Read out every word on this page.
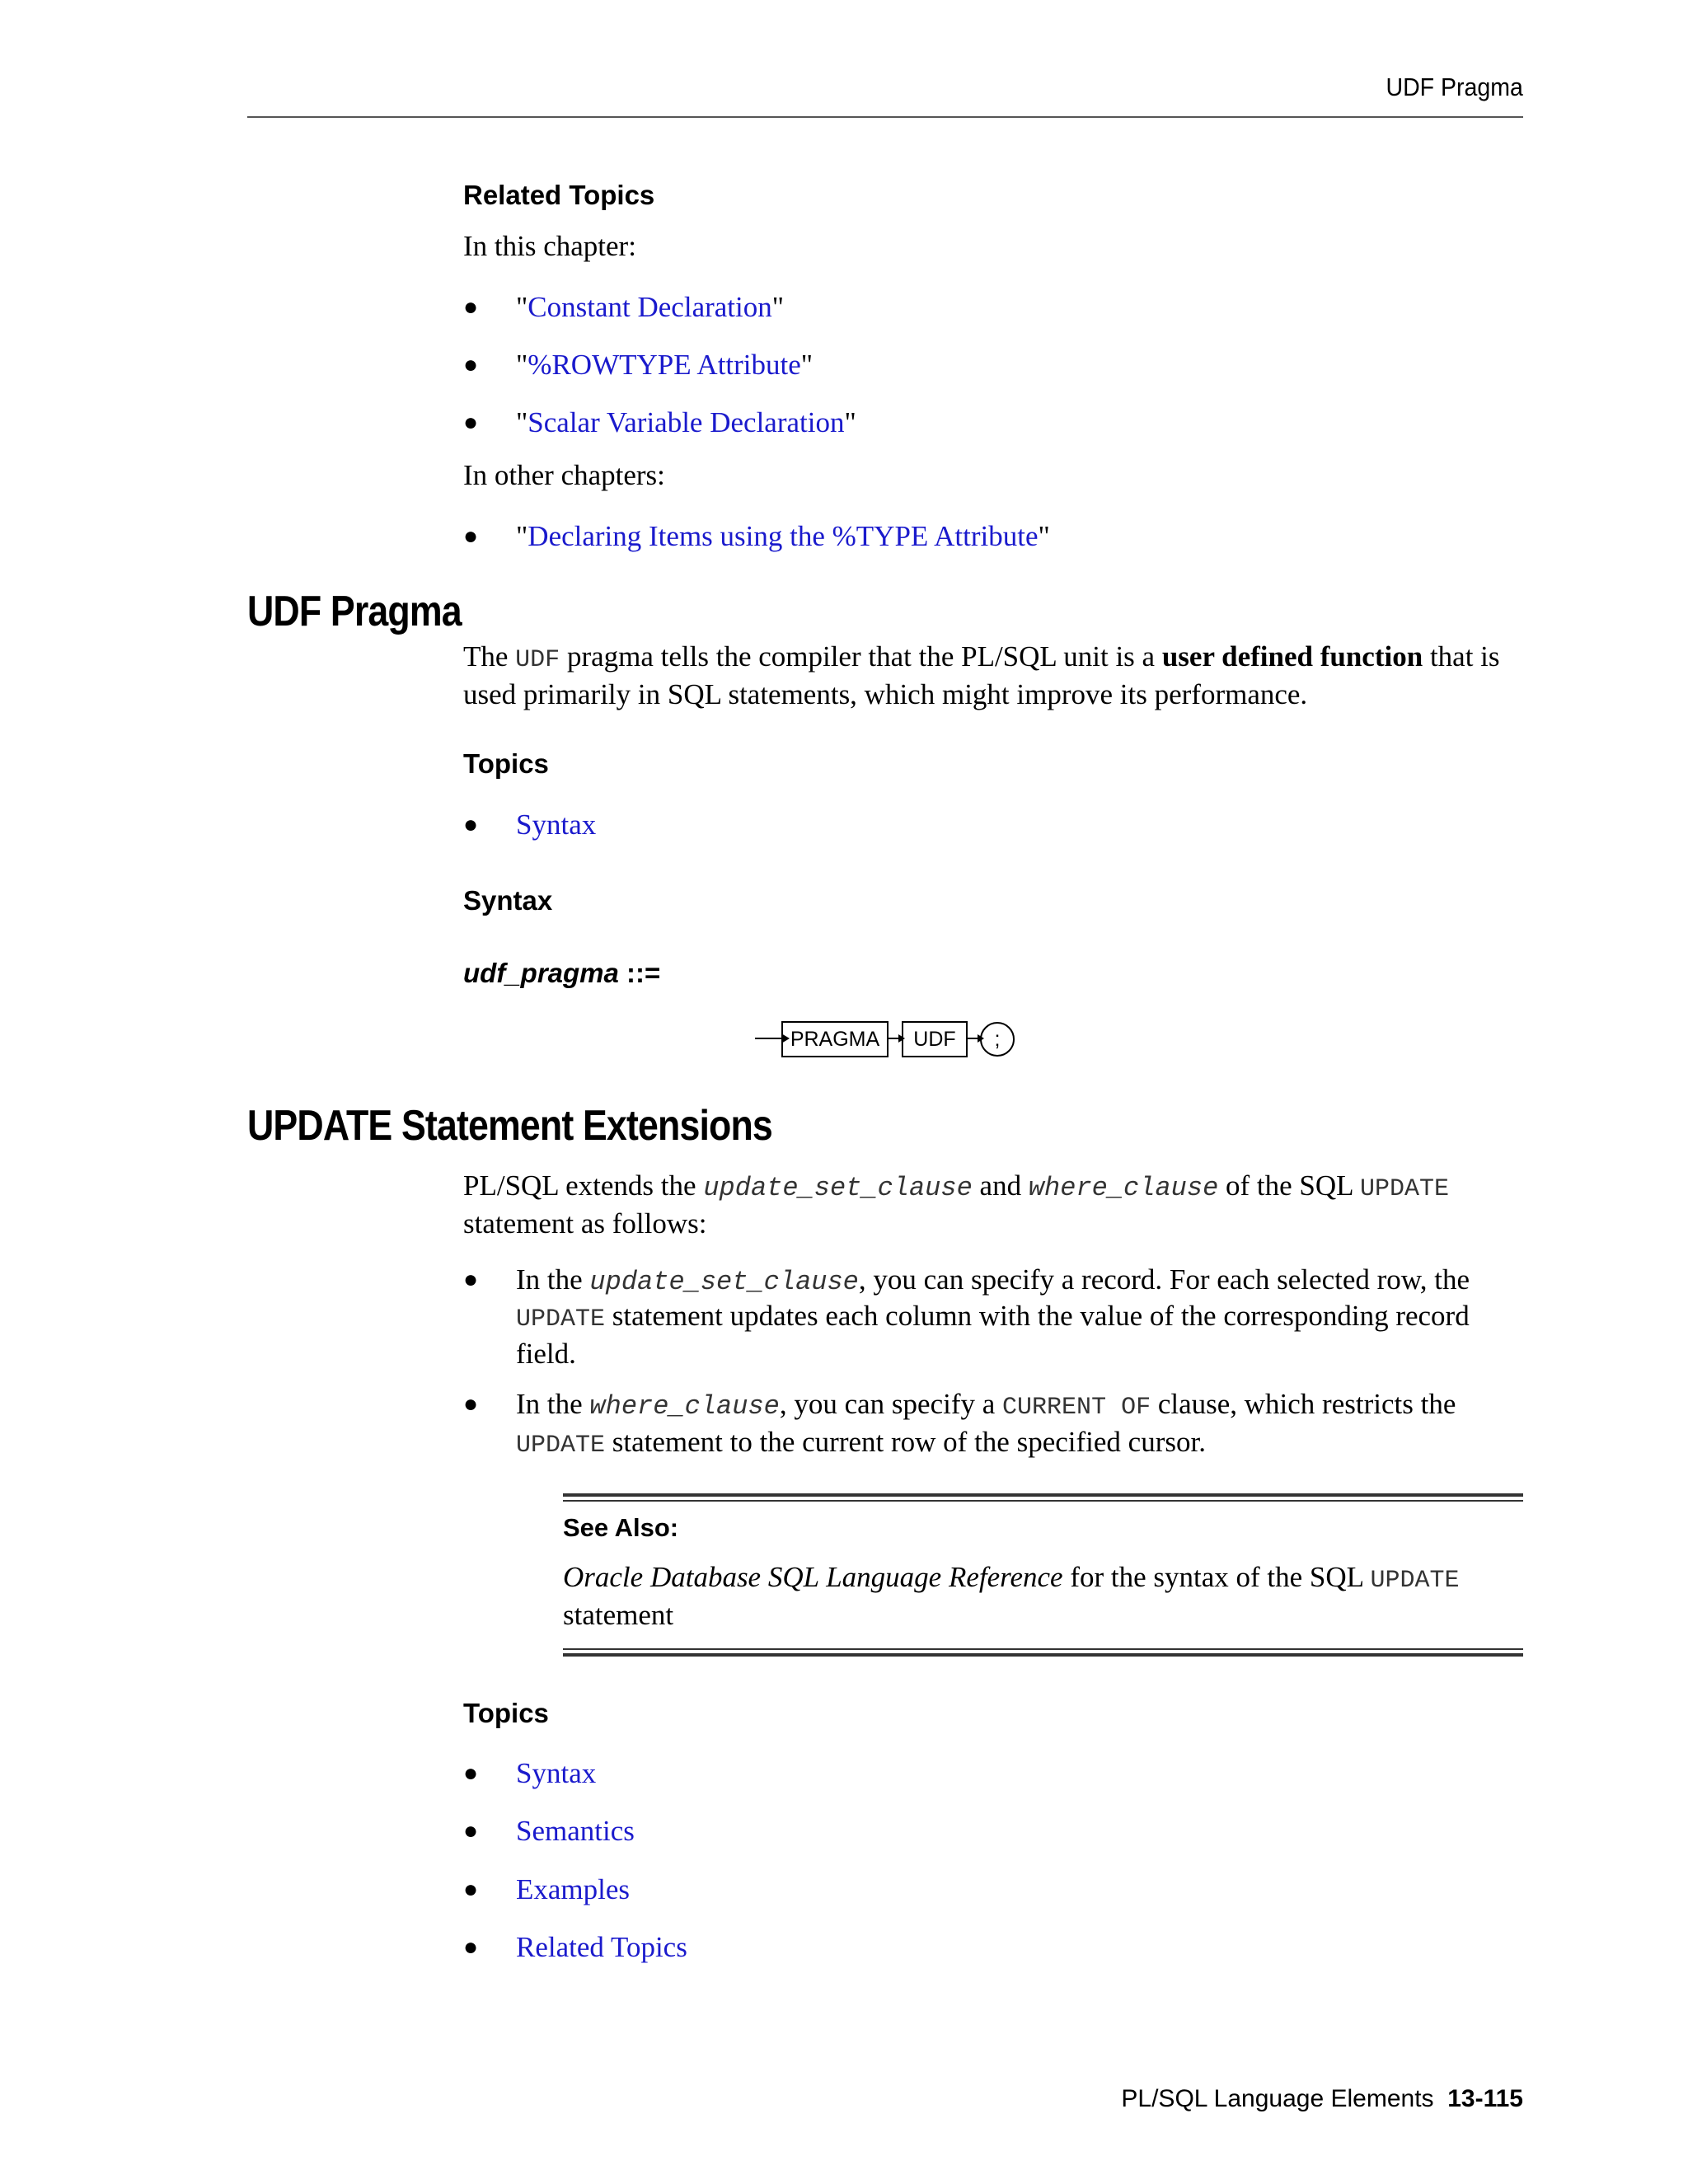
UDF Pragma
Related Topics
In this chapter:
● "Constant Declaration"
● "%ROWTYPE Attribute"
● "Scalar Variable Declaration"
In other chapters:
● "Declaring Items using the %TYPE Attribute"
UDF Pragma
The UDF pragma tells the compiler that the PL/SQL unit is a user defined function that is used primarily in SQL statements, which might improve its performance.
Topics
● Syntax
Syntax
udf_pragma ::=
PRAGMA	UDF	;
UPDATE Statement Extensions
PL/SQL extends the update_set_clause and where_clause of the SQL UPDATE statement as follows:
● In the update_set_clause, you can specify a record. For each selected row, the UPDATE statement updates each column with the value of the corresponding record field.
● In the where_clause, you can specify a CURRENT OF clause, which restricts the UPDATE statement to the current row of the specified cursor.
See Also:
Oracle Database SQL Language Reference for the syntax of the SQL UPDATE statement
Topics
● Syntax
● Semantics
● Examples
● Related Topics
PL/SQL Language Elements 13-115
